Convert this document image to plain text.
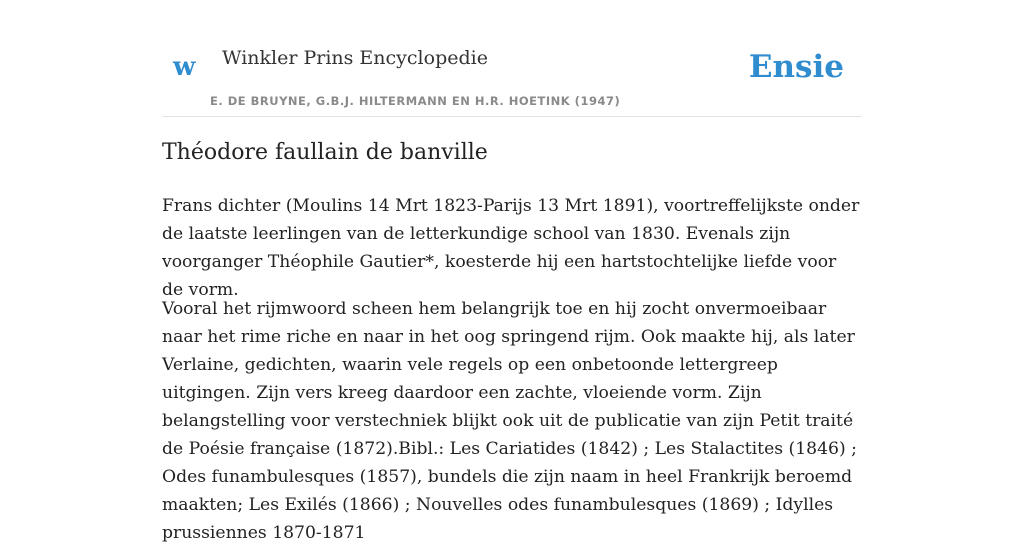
w Winkler Prins Encyclopedie
E. DE BRUYNE, G.B.J. HILTERMANN EN H.R. HOETINK (1947)
Ensie
Théodore faullain de banville

Frans dichter (Moulins 14 Mrt 1823-Parijs 13 Mrt 1891), voortreffelijkste onder de laatste leerlingen van de letterkundige school van 1830. Evenals zijn voorganger Théophile Gautier*, koesterde hij een hartstochtelijke liefde voor de vorm.

Vooral het rijmwoord scheen hem belangrijk toe en hij zocht onvermoeibaar naar het rime riche en naar in het oog springend rijm. Ook maakte hij, als later Verlaine, gedichten, waarin vele regels op een onbetoonde lettergreep uitgingen. Zijn vers kreeg daardoor een zachte, vloeiende vorm. Zijn belangstelling voor verstechniek blijkt ook uit de publicatie van zijn Petit traité de Poésie française (1872).Bibl.: Les Cariatides (1842) ; Les Stalactites (1846) ; Odes funambulesques (1857), bundels die zijn naam in heel Frankrijk beroemd maakten; Les Exilés (1866) ; Nouvelles odes funambulesques (1869) ; Idylles prussiennes 1870-1871
